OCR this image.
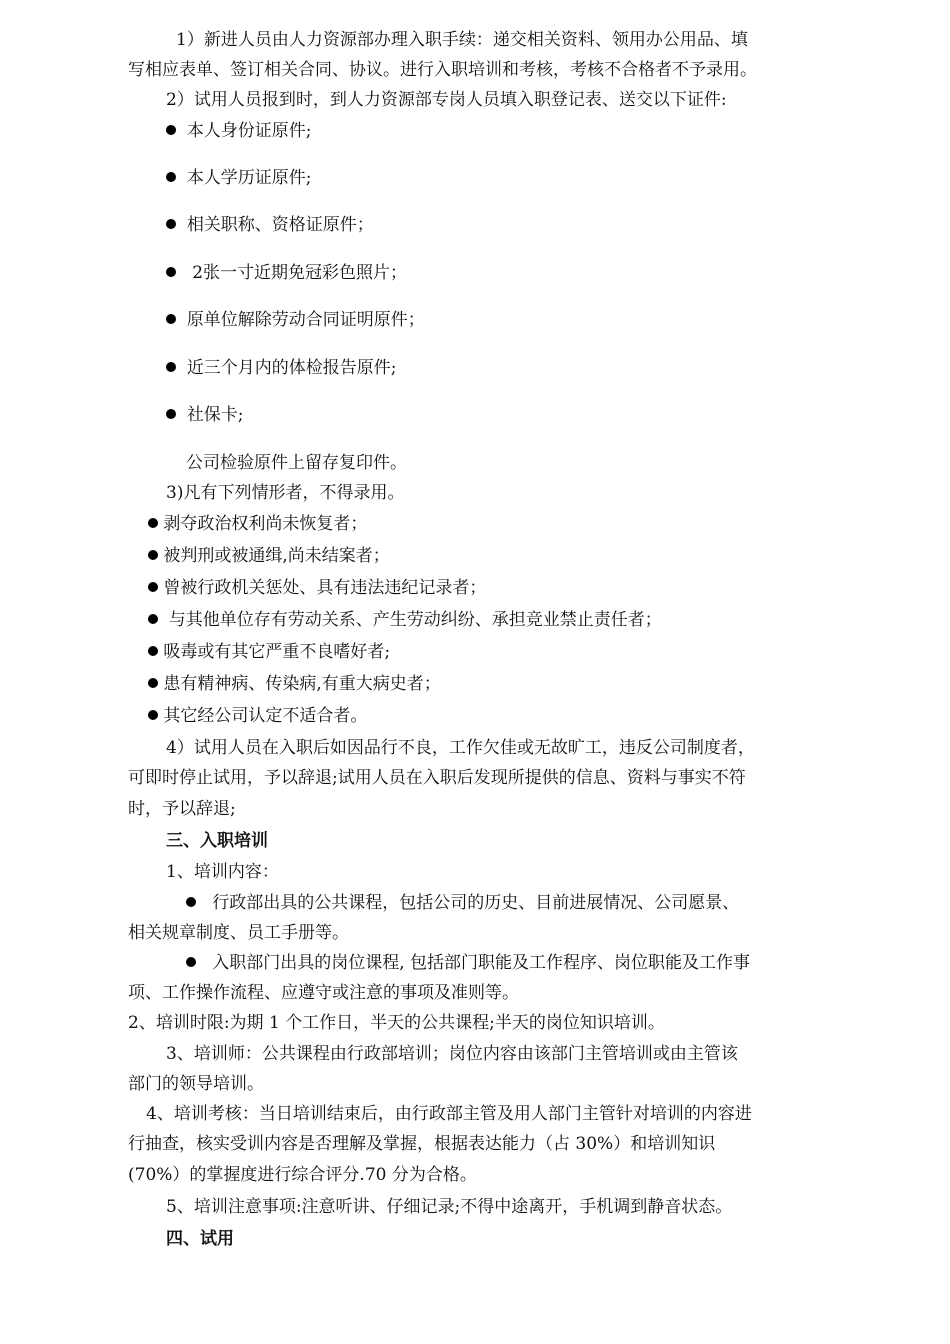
1）新进人员由人力资源部办理入职手续：递交相关资料、领用办公用品、填
写相应表单、签订相关合同、协议。进行入职培训和考核，考核不合格者不予录用。
2）试用人员报到时，到人力资源部专岗人员填入职登记表、送交以下证件:
本人身份证原件;
本人学历证原件;
相关职称、资格证原件；
2张一寸近期免冠彩色照片；
原单位解除劳动合同证明原件；
近三个月内的体检报告原件;
社保卡;
公司检验原件上留存复印件。
3)凡有下列情形者，不得录用。
剥夺政治权利尚未恢复者；
被判刑或被通缉,尚未结案者；
曾被行政机关惩处、具有违法违纪记录者；
与其他单位存有劳动关系、产生劳动纠纷、承担竞业禁止责任者；
吸毒或有其它严重不良嗜好者;
患有精神病、传染病,有重大病史者；
其它经公司认定不适合者。
4）试用人员在入职后如因品行不良，工作欠佳或无故旷工，违反公司制度者，
可即时停止试用，予以辞退;试用人员在入职后发现所提供的信息、资料与事实不符
时，予以辞退;
三、入职培训
1、培训内容：
行政部出具的公共课程，包括公司的历史、目前进展情况、公司愿景、
相关规章制度、员工手册等。
入职部门出具的岗位课程, 包括部门职能及工作程序、岗位职能及工作事
项、工作操作流程、应遵守或注意的事项及准则等。
2、培训时限:为期 1 个工作日，半天的公共课程;半天的岗位知识培训。
3、培训师：公共课程由行政部培训；岗位内容由该部门主管培训或由主管该
部门的领导培训。
4、培训考核：当日培训结束后，由行政部主管及用人部门主管针对培训的内容进
行抽查，核实受训内容是否理解及掌握，根据表达能力（占 30%）和培训知识
(70%）的掌握度进行综合评分.70 分为合格。
5、培训注意事项:注意听讲、仔细记录;不得中途离开，手机调到静音状态。
四、试用
